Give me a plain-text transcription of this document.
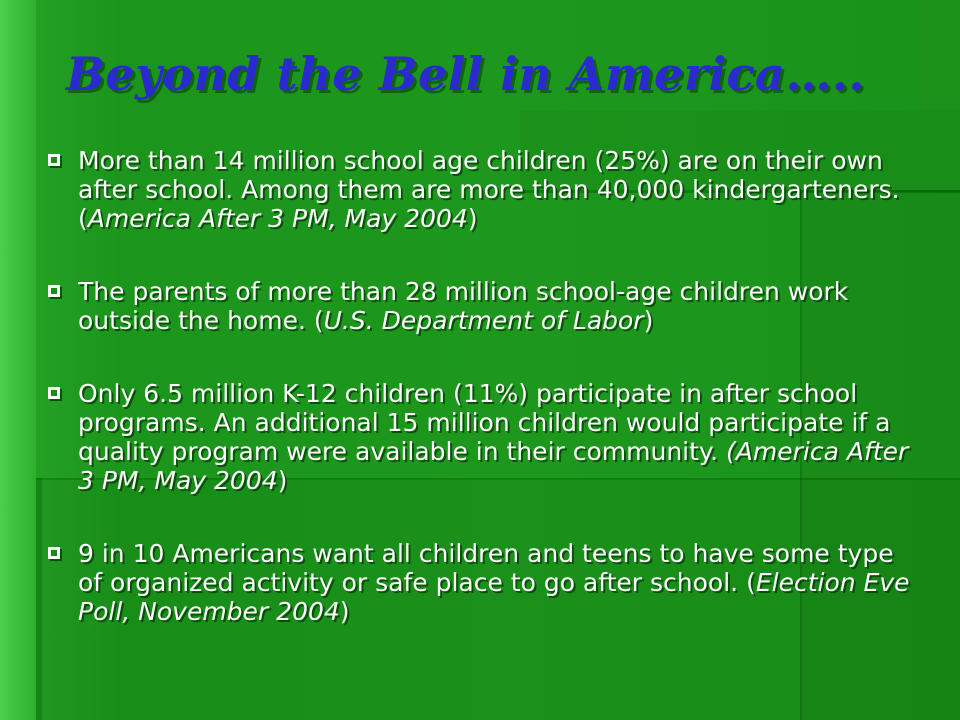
Beyond the Bell in America…..
More than 14 million school age children (25%) are on their own after school. Among them are more than 40,000 kindergarteners. (America After 3 PM, May 2004)
The parents of more than 28 million school-age children work outside the home. (U.S. Department of Labor)
Only 6.5 million K-12 children (11%) participate in after school programs. An additional 15 million children would participate if a quality program were available in their community. (America After 3 PM, May 2004)
9 in 10 Americans want all children and teens to have some type of organized activity or safe place to go after school. (Election Eve Poll, November 2004)
